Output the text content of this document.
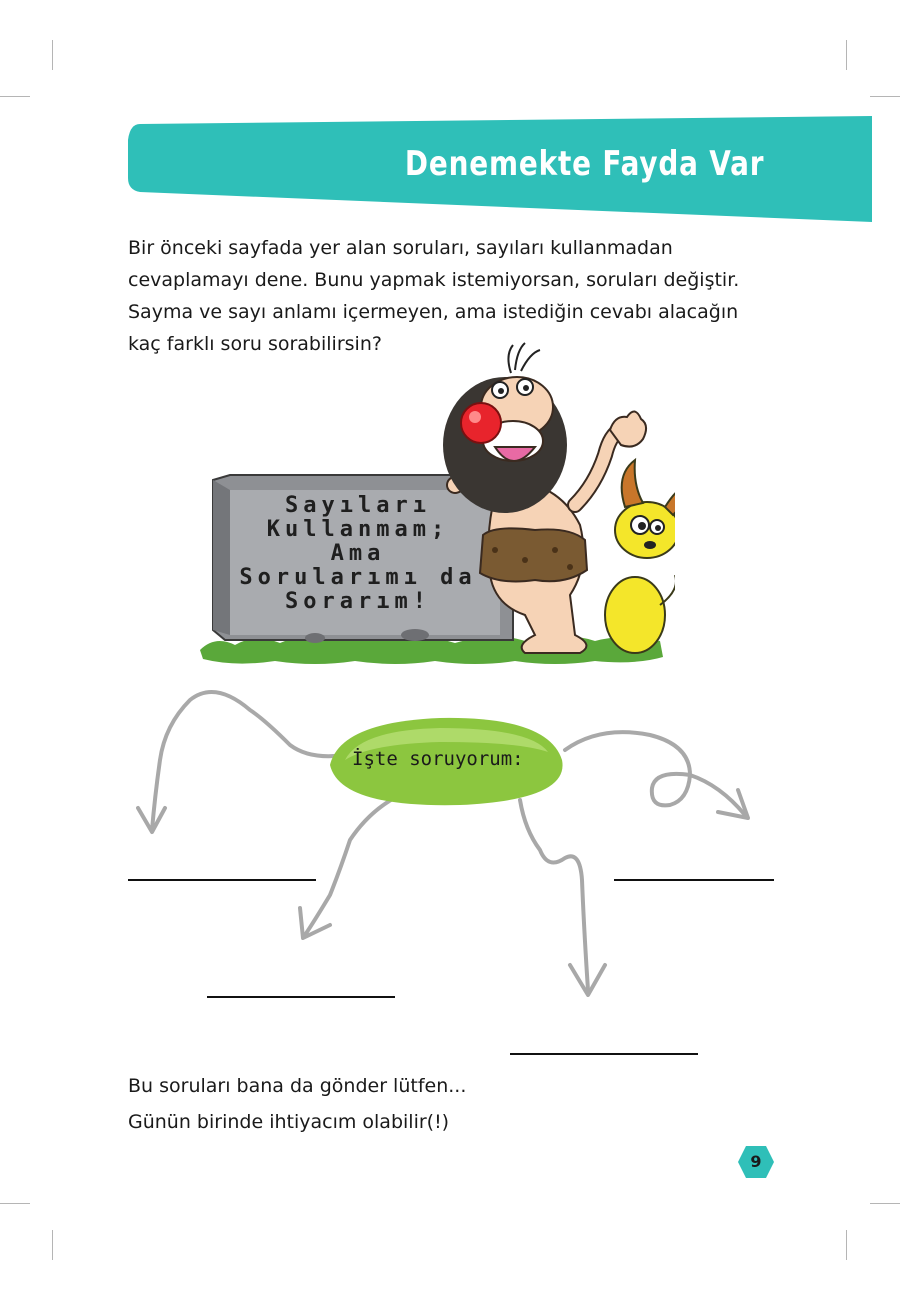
Denemekte Fayda Var

Bir önceki sayfada yer alan soruları, sayıları kullanmadan

cevaplamayı dene. Bunu yapmak istemiyorsan, soruları değiştir.

Sayma ve sayı anlamı içermeyen, ama istediğin cevabı alacağın

kaç farklı soru sorabilirsin?

Sayıları
Kullanmam;
Ama
Sorularımı da
Sorarım!
İşte soruyorum:

Bu soruları bana da gönder lütfen...

Günün birinde ihtiyacım olabilir(!)

9
